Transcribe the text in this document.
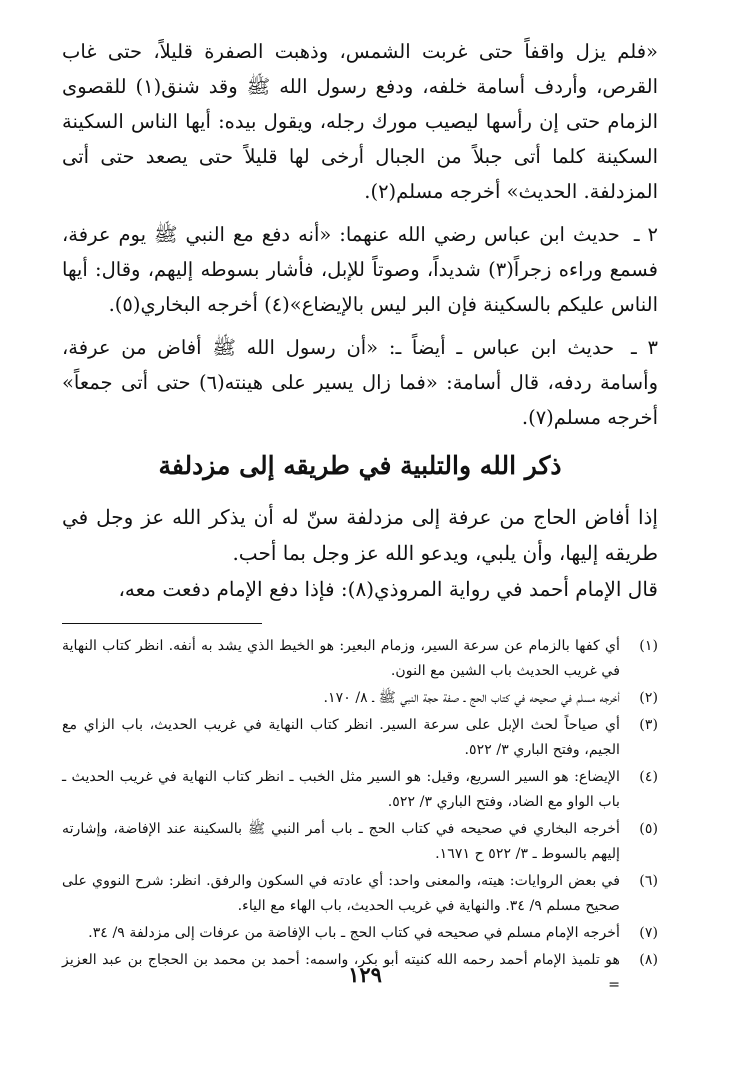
«فلم يزل واقفاً حتى غربت الشمس، وذهبت الصفرة قليلاً، حتى غاب القرص، وأردف أسامة خلفه، ودفع رسول الله ﷺ وقد شنق(١) للقصوى الزمام حتى إن رأسها ليصيب مورك رجله، ويقول بيده: أيها الناس السكينة السكينة كلما أتى جبلاً من الجبال أرخى لها قليلاً حتى يصعد حتى أتى المزدلفة. الحديث» أخرجه مسلم(٢).

٢ ـ حديث ابن عباس رضي الله عنهما: «أنه دفع مع النبي ﷺ يوم عرفة، فسمع وراءه زجراً(٣) شديداً، وصوتاً للإبل، فأشار بسوطه إليهم، وقال: أيها الناس عليكم بالسكينة فإن البر ليس بالإيضاع»(٤) أخرجه البخاري(٥).

٣ ـ حديث ابن عباس ـ أيضاً ـ: «أن رسول الله ﷺ أفاض من عرفة، وأسامة ردفه، قال أسامة: «فما زال يسير على هينته(٦) حتى أتى جمعاً» أخرجه مسلم(٧).

ذكر الله والتلبية في طريقه إلى مزدلفة

إذا أفاض الحاج من عرفة إلى مزدلفة سنّ له أن يذكر الله عز وجل في طريقه إليها، وأن يلبي، ويدعو الله عز وجل بما أحب.

قال الإمام أحمد في رواية المروذي(٨): فإذا دفع الإمام دفعت معه،

(١)
أي كفها بالزمام عن سرعة السير، وزمام البعير: هو الخيط الذي يشد به أنفه. انظر كتاب النهاية في غريب الحديث باب الشين مع النون.
(٢)
أخرجه مسلم في صحيحه في كتاب الحج ـ صفة حجة النبي ﷺ ـ ٨/ ١٧٠.
(٣)
أي صياحاً لحث الإبل على سرعة السير. انظر كتاب النهاية في غريب الحديث، باب الزاي مع الجيم، وفتح الباري ٣/ ٥٢٢.
(٤)
الإيضاع: هو السير السريع، وقيل: هو السير مثل الخبب ـ انظر كتاب النهاية في غريب الحديث ـ باب الواو مع الضاد، وفتح الباري ٣/ ٥٢٢.
(٥)
أخرجه البخاري في صحيحه في كتاب الحج ـ باب أمر النبي ﷺ بالسكينة عند الإفاضة، وإشارته إليهم بالسوط ـ ٣/ ٥٢٢ ح ١٦٧١.
(٦)
في بعض الروايات: هيته، والمعنى واحد: أي عادته في السكون والرفق. انظر: شرح النووي على صحيح مسلم ٩/ ٣٤. والنهاية في غريب الحديث، باب الهاء مع الياء.
(٧)
أخرجه الإمام مسلم في صحيحه في كتاب الحج ـ باب الإفاضة من عرفات إلى مزدلفة ٩/ ٣٤.
(٨)
هو تلميذ الإمام أحمد رحمه الله كنيته أبو بكر، واسمه: أحمد بن محمد بن الحجاج بن عبد العزيز =
١٢٩
